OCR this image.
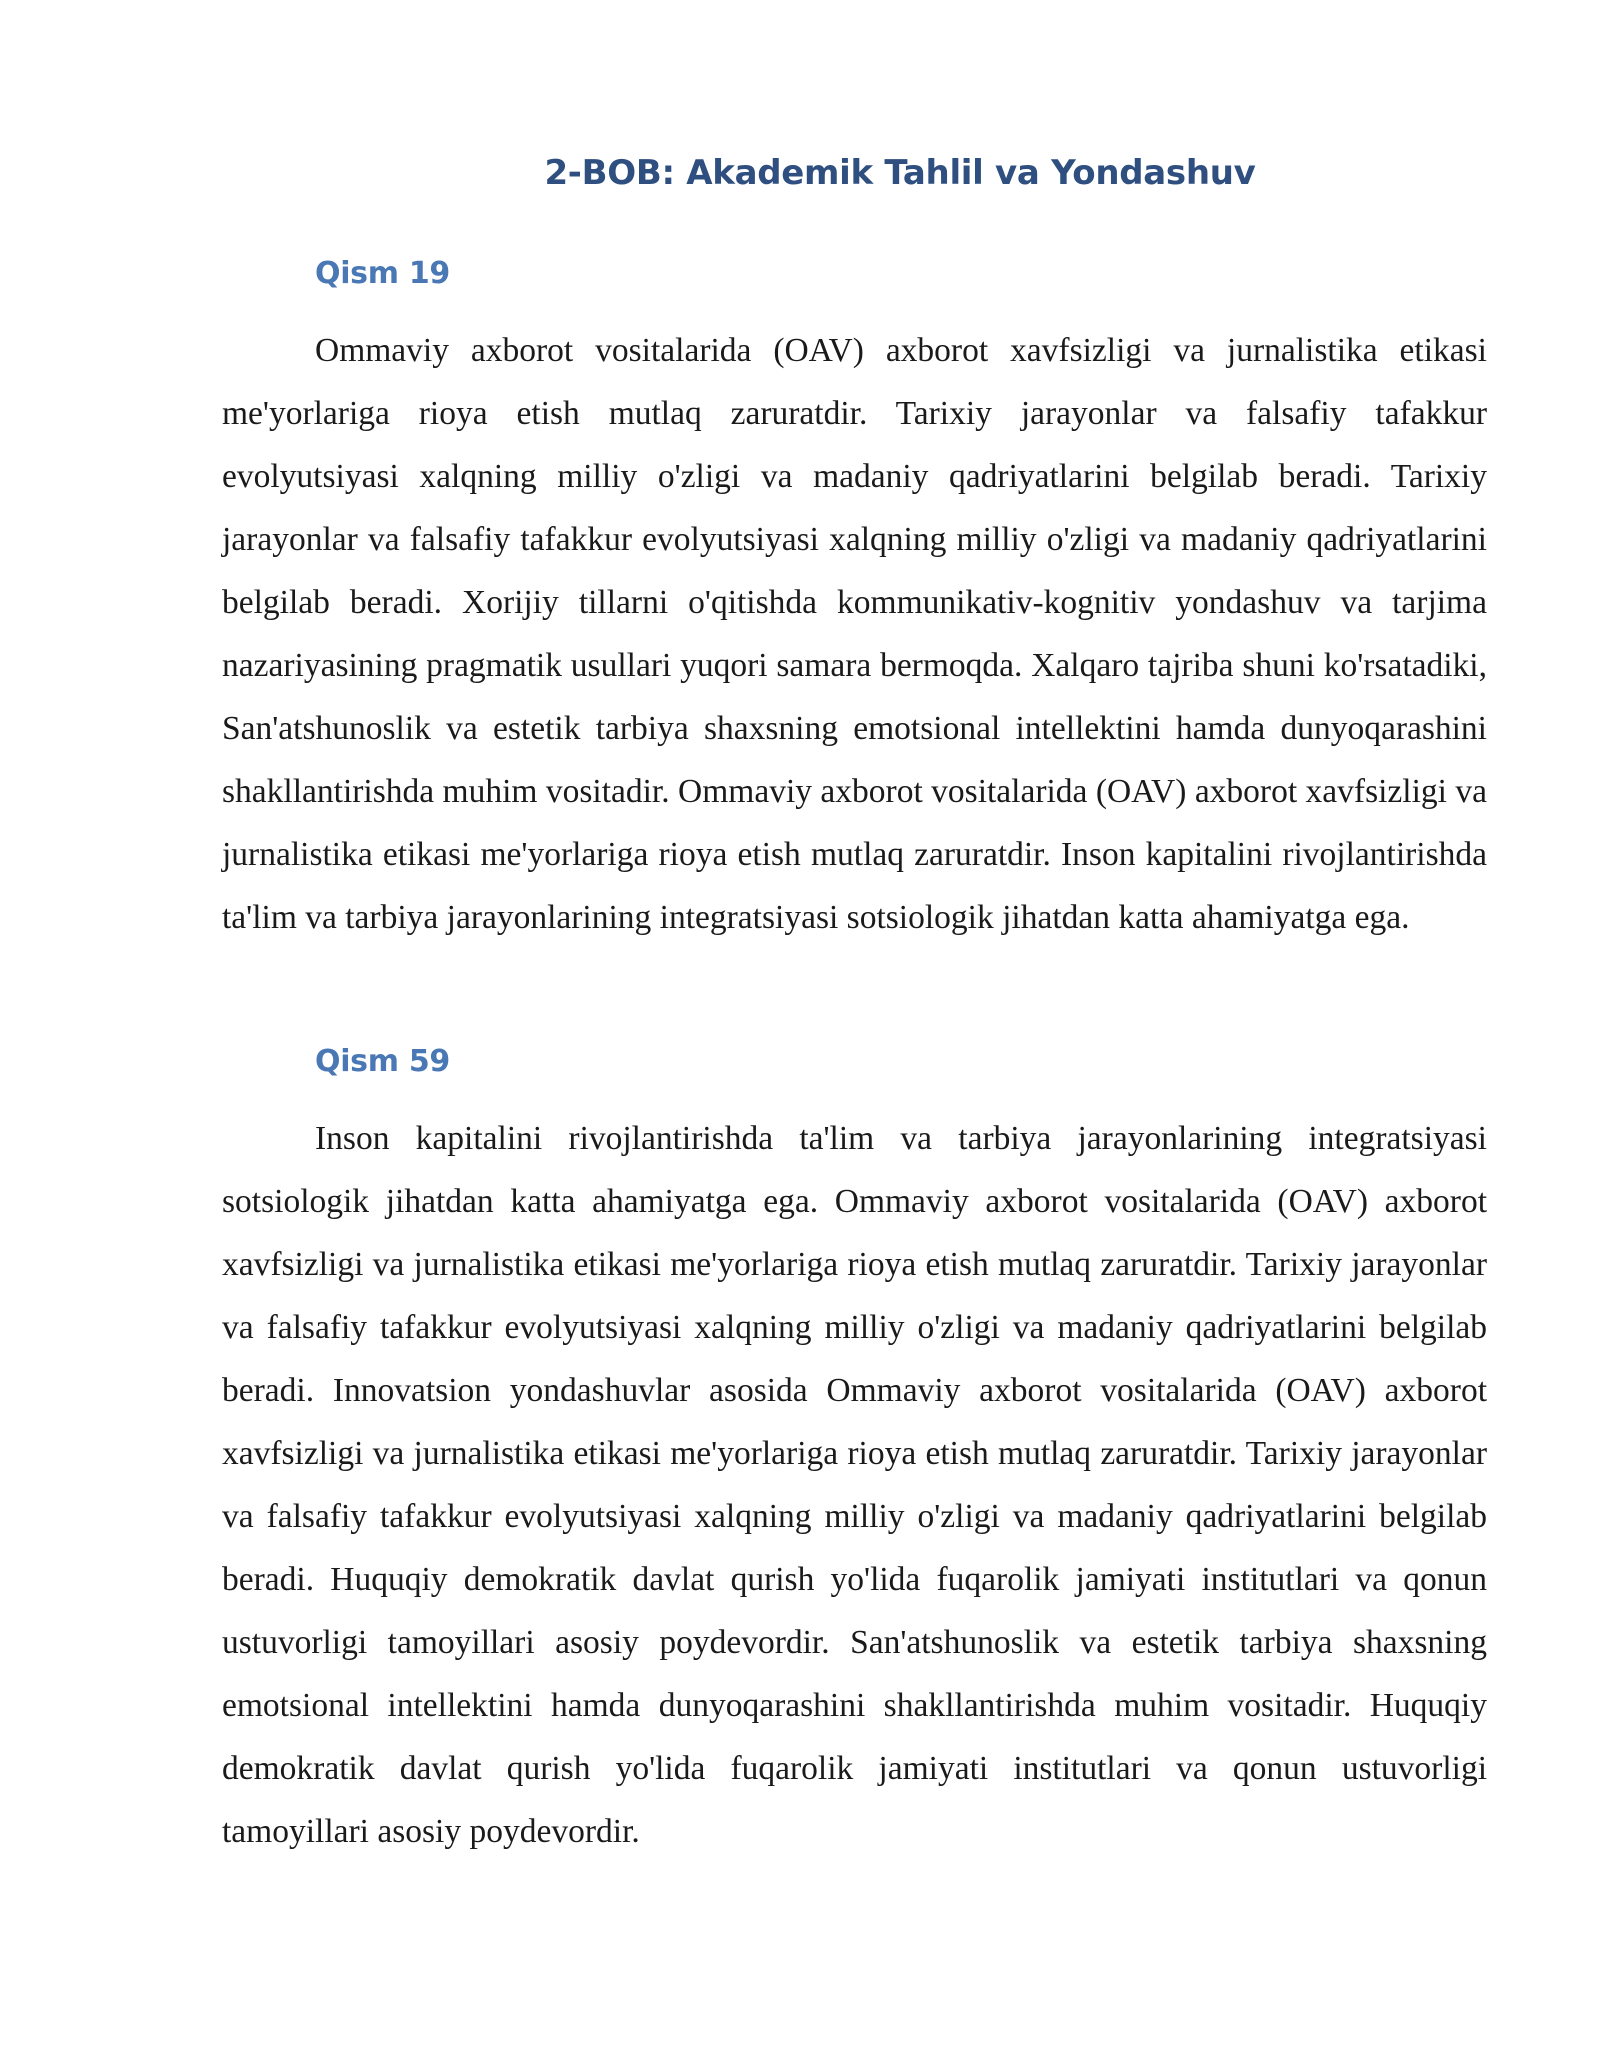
2-BOB: Akademik Tahlil va Yondashuv
Qism 19

Ommaviy axborot vositalarida (OAV) axborot xavfsizligi va jurnalistika etikasi me'yorlariga rioya etish mutlaq zaruratdir. Tarixiy jarayonlar va falsafiy tafakkur evolyutsiyasi xalqning milliy o'zligi va madaniy qadriyatlarini belgilab beradi. Tarixiy jarayonlar va falsafiy tafakkur evolyutsiyasi xalqning milliy o'zligi va madaniy qadriyatlarini belgilab beradi. Xorijiy tillarni o'qitishda kommunikativ-kognitiv yondashuv va tarjima nazariyasining pragmatik usullari yuqori samara bermoqda. Xalqaro tajriba shuni ko'rsatadiki, San'atshunoslik va estetik tarbiya shaxsning emotsional intellektini hamda dunyoqarashini shakllantirishda muhim vositadir. Ommaviy axborot vositalarida (OAV) axborot xavfsizligi va jurnalistika etikasi me'yorlariga rioya etish mutlaq zaruratdir. Inson kapitalini rivojlantirishda ta'lim va tarbiya jarayonlarining integratsiyasi sotsiologik jihatdan katta ahamiyatga ega.

Qism 59

Inson kapitalini rivojlantirishda ta'lim va tarbiya jarayonlarining integratsiyasi sotsiologik jihatdan katta ahamiyatga ega. Ommaviy axborot vositalarida (OAV) axborot xavfsizligi va jurnalistika etikasi me'yorlariga rioya etish mutlaq zaruratdir. Tarixiy jarayonlar va falsafiy tafakkur evolyutsiyasi xalqning milliy o'zligi va madaniy qadriyatlarini belgilab beradi. Innovatsion yondashuvlar asosida Ommaviy axborot vositalarida (OAV) axborot xavfsizligi va jurnalistika etikasi me'yorlariga rioya etish mutlaq zaruratdir. Tarixiy jarayonlar va falsafiy tafakkur evolyutsiyasi xalqning milliy o'zligi va madaniy qadriyatlarini belgilab beradi. Huquqiy demokratik davlat qurish yo'lida fuqarolik jamiyati institutlari va qonun ustuvorligi tamoyillari asosiy poydevordir. San'atshunoslik va estetik tarbiya shaxsning emotsional intellektini hamda dunyoqarashini shakllantirishda muhim vositadir. Huquqiy demokratik davlat qurish yo'lida fuqarolik jamiyati institutlari va qonun ustuvorligi tamoyillari asosiy poydevordir.
